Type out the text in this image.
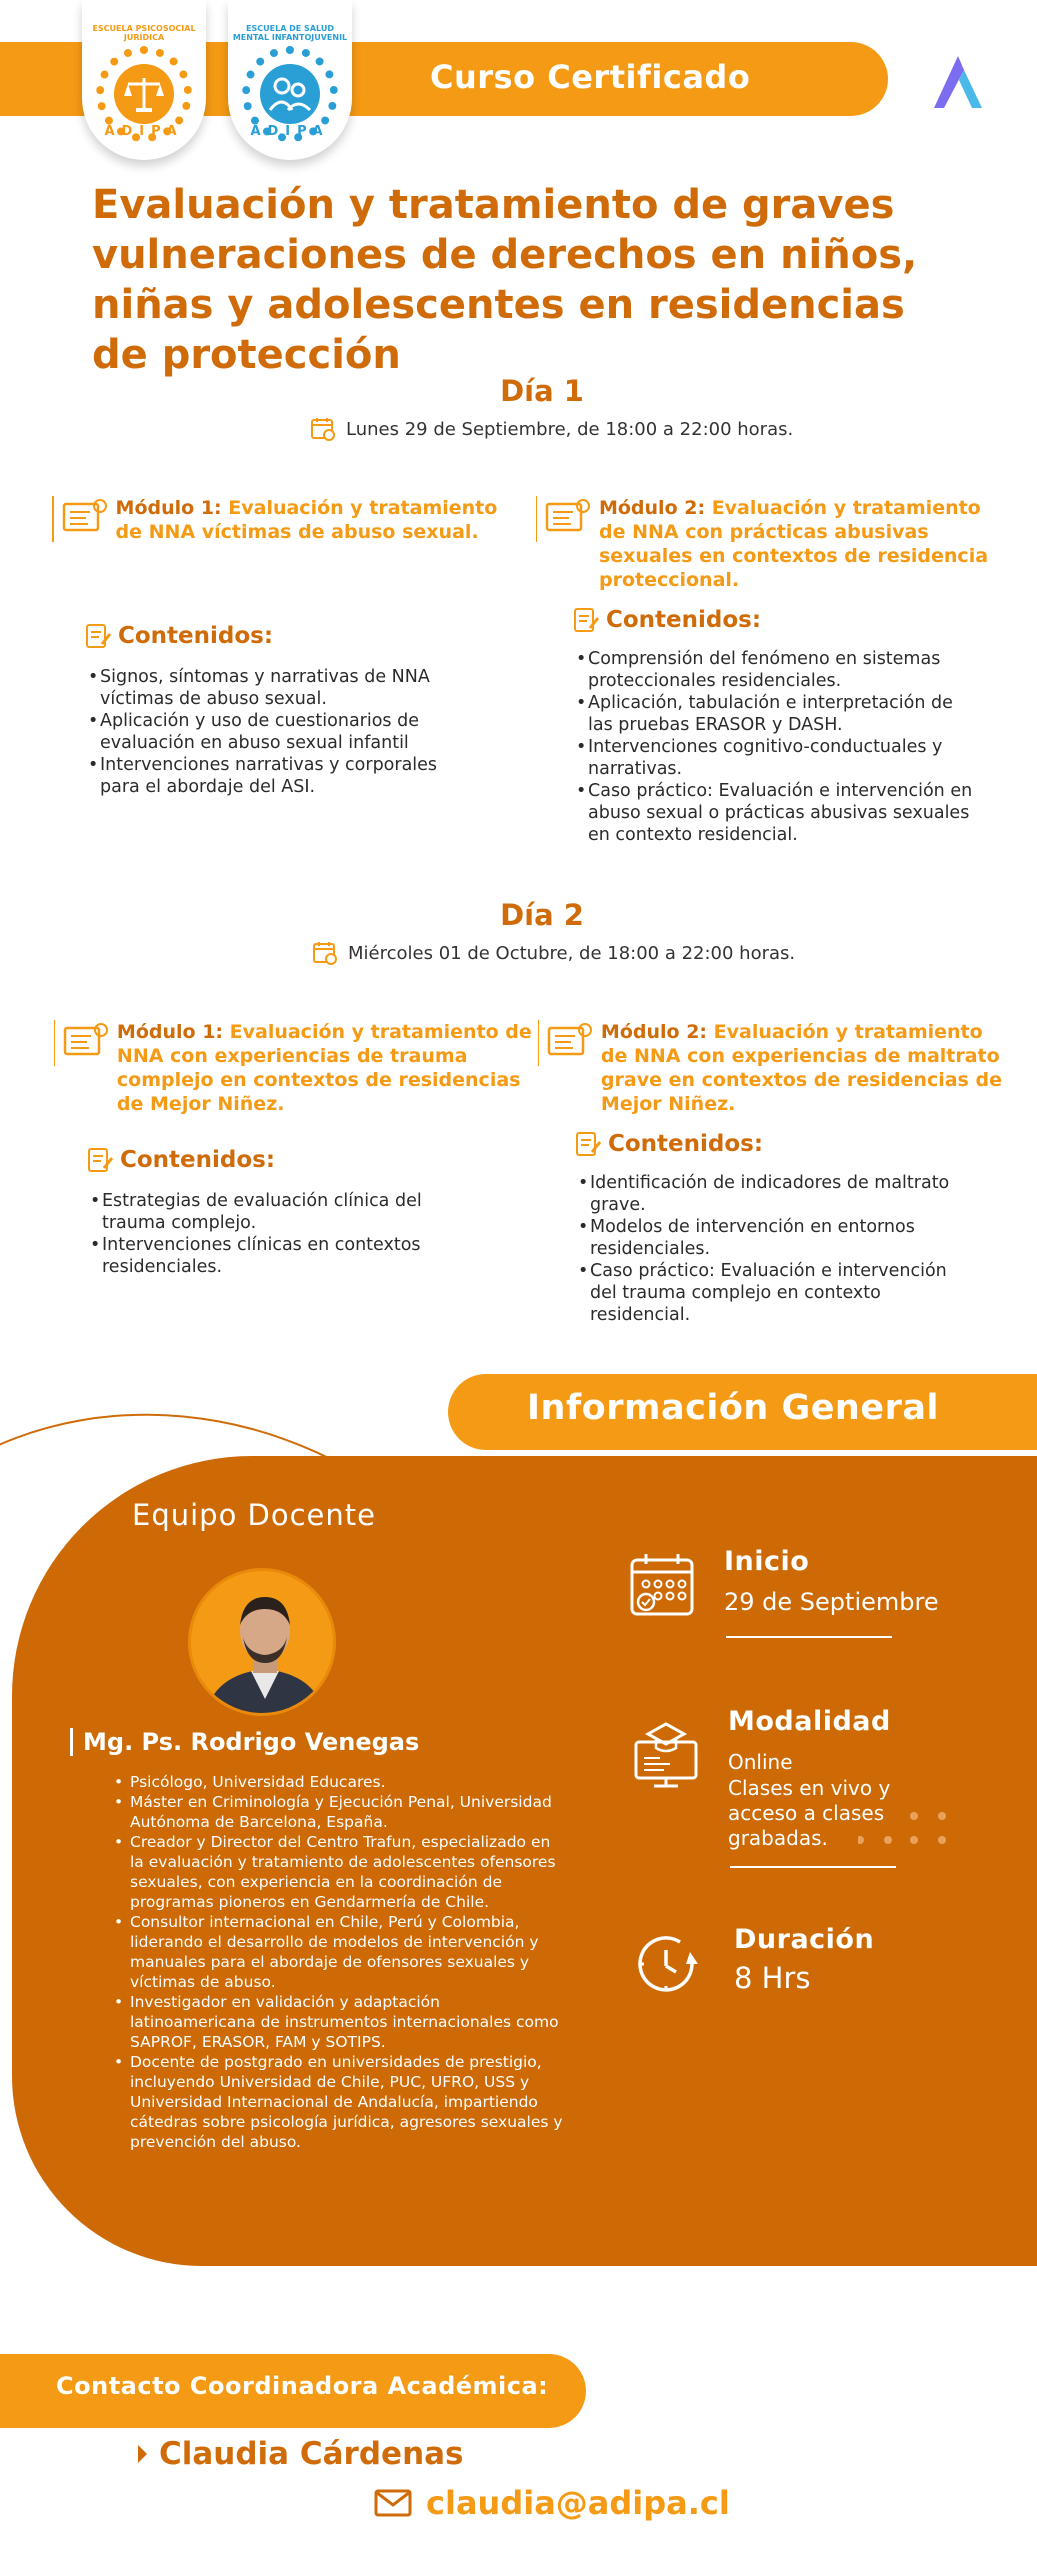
Curso Certificado
ESCUELA PSICOSOCIAL JURÍDICA
ADIPA
ESCUELA DE SALUD MENTAL INFANTOJUVENIL
ADIPA
Evaluación y tratamiento de graves vulneraciones de derechos en niños, niñas y adolescentes en residencias de protección
Día 1
Lunes 29 de Septiembre, de 18:00 a 22:00 horas.
Módulo 1: Evaluación y tratamiento de NNA víctimas de abuso sexual.
Contenidos:
• Signos, síntomas y narrativas de NNA víctimas de abuso sexual.
• Aplicación y uso de cuestionarios de evaluación en abuso sexual infantil
• Intervenciones narrativas y corporales para el abordaje del ASI.
Módulo 2: Evaluación y tratamiento de NNA con prácticas abusivas sexuales en contextos de residencia proteccional.
Contenidos:
• Comprensión del fenómeno en sistemas proteccionales residenciales.
• Aplicación, tabulación e interpretación de las pruebas ERASOR y DASH.
• Intervenciones cognitivo-conductuales y narrativas.
• Caso práctico: Evaluación e intervención en abuso sexual o prácticas abusivas sexuales en contexto residencial.
Día 2
Miércoles 01 de Octubre, de 18:00 a 22:00 horas.
Módulo 1: Evaluación y tratamiento de NNA con experiencias de trauma complejo en contextos de residencias de Mejor Niñez.
Contenidos:
• Estrategias de evaluación clínica del trauma complejo.
• Intervenciones clínicas en contextos residenciales.
Módulo 2: Evaluación y tratamiento de NNA con experiencias de maltrato grave en contextos de residencias de Mejor Niñez.
Contenidos:
• Identificación de indicadores de maltrato grave.
• Modelos de intervención en entornos residenciales.
• Caso práctico: Evaluación e intervención del trauma complejo en contexto residencial.
Información General
Equipo Docente
Mg. Ps. Rodrigo Venegas
• Psicólogo, Universidad Educares.
• Máster en Criminología y Ejecución Penal, Universidad Autónoma de Barcelona, España.
• Creador y Director del Centro Trafun, especializado en la evaluación y tratamiento de adolescentes ofensores sexuales, con experiencia en la coordinación de programas pioneros en Gendarmería de Chile.
• Consultor internacional en Chile, Perú y Colombia, liderando el desarrollo de modelos de intervención y manuales para el abordaje de ofensores sexuales y víctimas de abuso.
• Investigador en validación y adaptación latinoamericana de instrumentos internacionales como SAPROF, ERASOR, FAM y SOTIPS.
• Docente de postgrado en universidades de prestigio, incluyendo Universidad de Chile, PUC, UFRO, USS y Universidad Internacional de Andalucía, impartiendo cátedras sobre psicología jurídica, agresores sexuales y prevención del abuso.
Inicio
29 de Septiembre
Modalidad
Online
Clases en vivo y acceso a clases grabadas.
Duración
8 Hrs
Contacto Coordinadora Académica:
Claudia Cárdenas
claudia@adipa.cl
